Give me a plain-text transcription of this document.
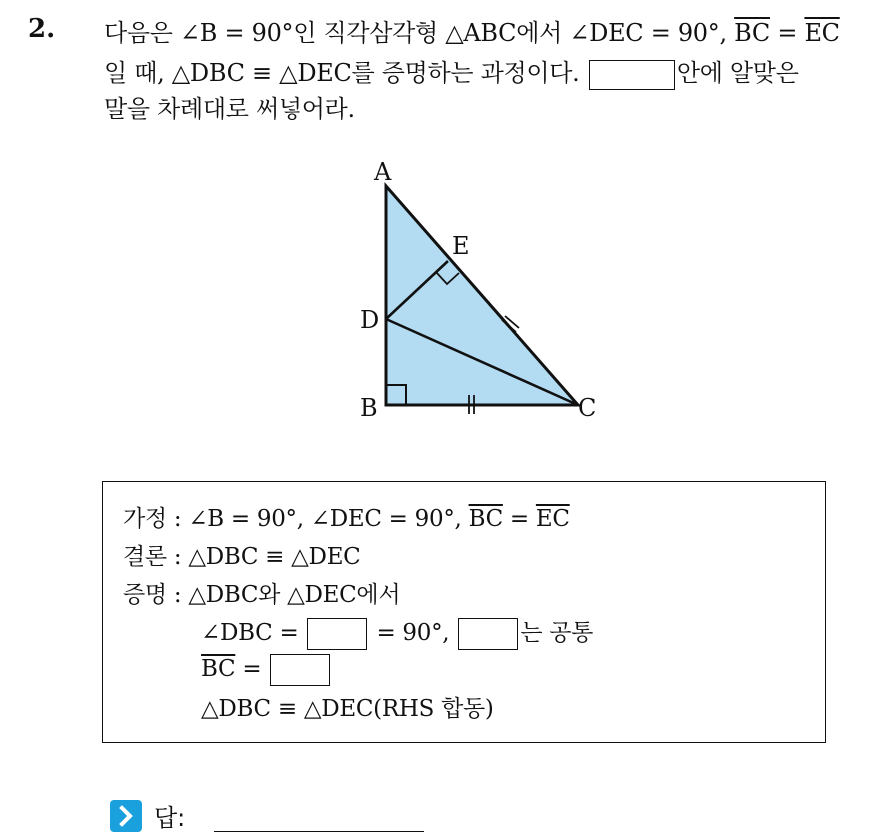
2. 다음은 ∠B = 90°인 직각삼각형 △ABC에서 ∠DEC = 90°, $\overline{BC} = \overline{EC}$
일 때, △DBC ≡ △DEC를 증명하는 과정이다.	안에 알맞은
말을 차례대로 써넣어라.
A
E
D
B	C
가정 : ∠B = 90°, ∠DEC = 90°, $\overline{BC} = \overline{EC}$
결론 : △DBC ≡ △DEC
증명 : △DBC와 △DEC에서
∠DBC =	= 90°,	는 공통
$\overline{BC}$ =
△DBC ≡ △DEC(RHS 합동)
답:
